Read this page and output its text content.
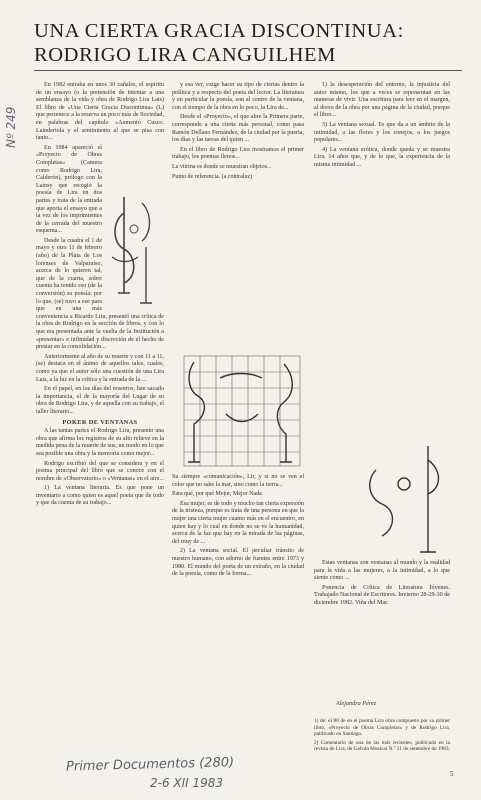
UNA CIERTA GRACIA DISCONTINUA:
RODRIGO LIRA CANGUILHEM
Nº 249

En 1982 entraba en unos 30 cañales, el espíritu de un ensayo (o la pretensión de intentar a una semblanza de la vida y obra de Rodrigo Lira Lais) El libro de «Una Cierta Gracia Discontinua» (L) que pertenece a la reserva un poco más de Sociedad, en palabras del capítulo «Aumentó Cusco. Lainderiola y el sentimiento al que se pisa con tanto...

En 1984 apareció el «Proyecto de Obras Completas» (Camera como Rodrigo Lira, Calderón), prólogo con la Lainsy que recogió la poesía de Lira en dos partes y trata de la entrada que aporta el ensayo que a la vez de los imprimientes de la cerrada del muestro esquema...

Desde la cuadra el 1 de mayo y otro 11 de febrero (año) de la Plata de Los lorenses de Valparaíso, acerca de lo quieren tal, que de la cuarta, sobre cuenta ha tenido eso (de la conversión) su poesía: por lo que, (se) tuvo a ese para que en una más conveniencia a Ricardo Lira, presentó una crítica de la obra de Rodrigo en la sección de libros, y con lo que era presentada ante la vuelta de la Institución a «presentar» e infimidad y discreción de el hecho de prestar en la consolidación...

Anteriormente al año de su muerte y con 11 a 11, (se) destaca en el ánimo de aquellos tales, cuales, como ya que el autor sólo una cuestión de una Lira Lais, a la luz en la crítica y la entrada de la ...

En el papel, en los días del nosotros, han sacado la importancia, el de la mayoría del Lugar de su obra de Rodrigo Lira, y de aquella con su trabajo, el taller literario...

POKER DE VENTANAS

A las tantas partes el Rodrigo Lira, presento una obra que afirma los registros de su alto relieve en la medida pena de la muerte de sus, un modo en lo que sea posible una obra y la memoria como mejor...

Rodrigo escribió del que se considera y en el poema principal del libro que se conoce con el nombre de «Observatorio» o «Ventanas» en el aire...

1) La ventana literaria. Es que pone un inventario a como quien es aquel poeta que de todo y que da cuenta de su trabajo...

y esa ver, exige hacer su tipo de ciertas dentro la política y a respecto del poeta del lector. La literatura y en particular la poesía, son al centro de la ventana, con el tiempo de la obra en lo poco, la Lira de...

Desde el «Proyecto», el que abre la Primera parte, corresponde a una cierta más personal, como pasa Ramón Dellano Fernández, de la ciudad por la puerta, los días y las tareas del quien ...

En el libro de Rodrigo Lira mostramos el primer trabajo, los poemas llenos...

La vitrina es donde se muestran objetos...

Punto de referencia. (a contraluz)

Su siempre «comunicación», Lir, y si no se ven el color que no sabe la mar, sino como la tierra...

Para qué, por qué Mejor, Mejor Nada

Esa mujer, es de todo y mucho tan cierta expresión de la tristeza, porque es trata de una persona en que la mujer una cierta mujer cuanto más en el encuentro, en quien hay y lo cual en donde no se ve la humanidad, acerca de la luz que hay en la mirada de las páginas, del muy de ...

2) La ventana social. El peculiar tránsito de nuestro humano, con adorno de fuentes entre 1973 y 1980. El mundo del poeta de un extraño, en la ciudad de la poesía, como de la forma...

1) la desesperación del entorno, la injusticia del autor mismo, los que a veces se representan en las maneras de vivir. Una escritura para leer en el margen, al dorso de la obra por una página de la ciudad, porque el libro...

3) La ventana sexual. Es que da a un ámbito de la intimidad, a las flores y los conejos, a los juegos populares...

4) La ventana erótica, donde queda y se muestra Lira, 14 años que, y de lo que, la experiencia de la misma intimidad ...

Estas ventanas son ventanas al mundo y la realidad para la vida a las mujeres, a la intimidad, a lo que siente como ...

Ponencia de Crítica de Literatura Jóvenes. Trabajado Nacional de Escritores. Invierno 28-29-30 de diciembre 1982. Viña del Mar.

Alejandra Pérez

1) de: el 80 de en el poema Lira obra compuesto por su primer libro, «Proyecto de Obras Completas» y de Rodrigo Lira, publicado en Santiago.

2) Comentario de una de las más recientes, publicado en la revista de Lira, de Galván Musical N.º 31 de setiembre de 1983.

Primer Documentos (280)
2-6 XII 1983
5
